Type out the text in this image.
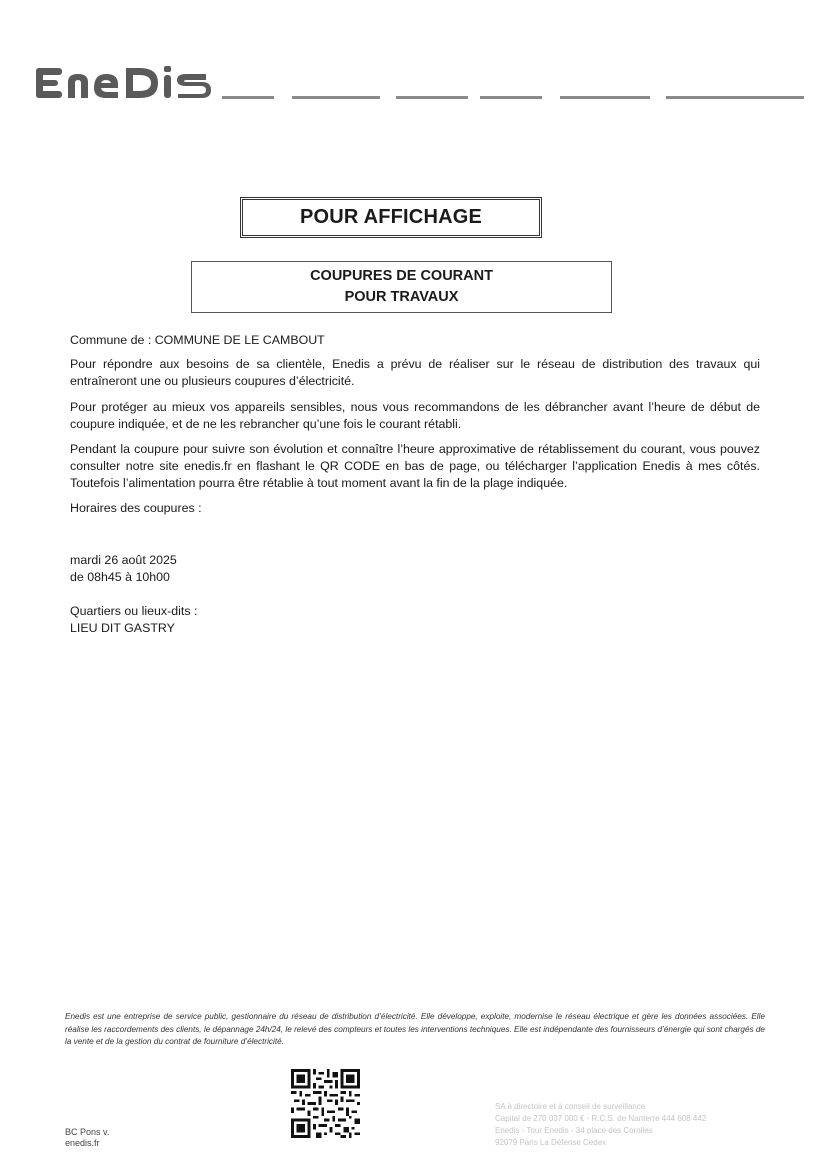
POUR AFFICHAGE
COUPURES DE COURANT
POUR TRAVAUX
Commune de : COMMUNE DE LE CAMBOUT
Pour répondre aux besoins de sa clientèle, Enedis a prévu de réaliser sur le réseau de distribution des travaux qui entraîneront une ou plusieurs coupures d’électricité.
Pour protéger au mieux vos appareils sensibles, nous vous recommandons de les débrancher avant l’heure de début de coupure indiquée, et de ne les rebrancher qu’une fois le courant rétabli.
Pendant la coupure pour suivre son évolution et connaître l’heure approximative de rétablissement du courant, vous pouvez consulter notre site enedis.fr en flashant le QR CODE en bas de page, ou télécharger l’application Enedis à mes côtés. Toutefois l’alimentation pourra être rétablie à tout moment avant la fin de la plage indiquée.
Horaires des coupures :
mardi 26 août 2025
de 08h45 à 10h00
Quartiers ou lieux-dits :
LIEU DIT GASTRY
Enedis est une entreprise de service public, gestionnaire du réseau de distribution d’électricité. Elle développe, exploite, modernise le réseau électrique et gère les données associées. Elle réalise les raccordements des clients, le dépannage 24h/24, le relevé des compteurs et toutes les interventions techniques. Elle est indépendante des fournisseurs d’énergie qui sont chargés de la vente et de la gestion du contrat de fourniture d’électricité.
BC Pons v.
enedis.fr
SA à directoire et à conseil de surveillance
Capital de 270 037 000 € - R.C.S. de Nanterre 444 608 442
Enedis - Tour Enedis - 34 place des Corolles
92079 Paris La Défense Cedex
